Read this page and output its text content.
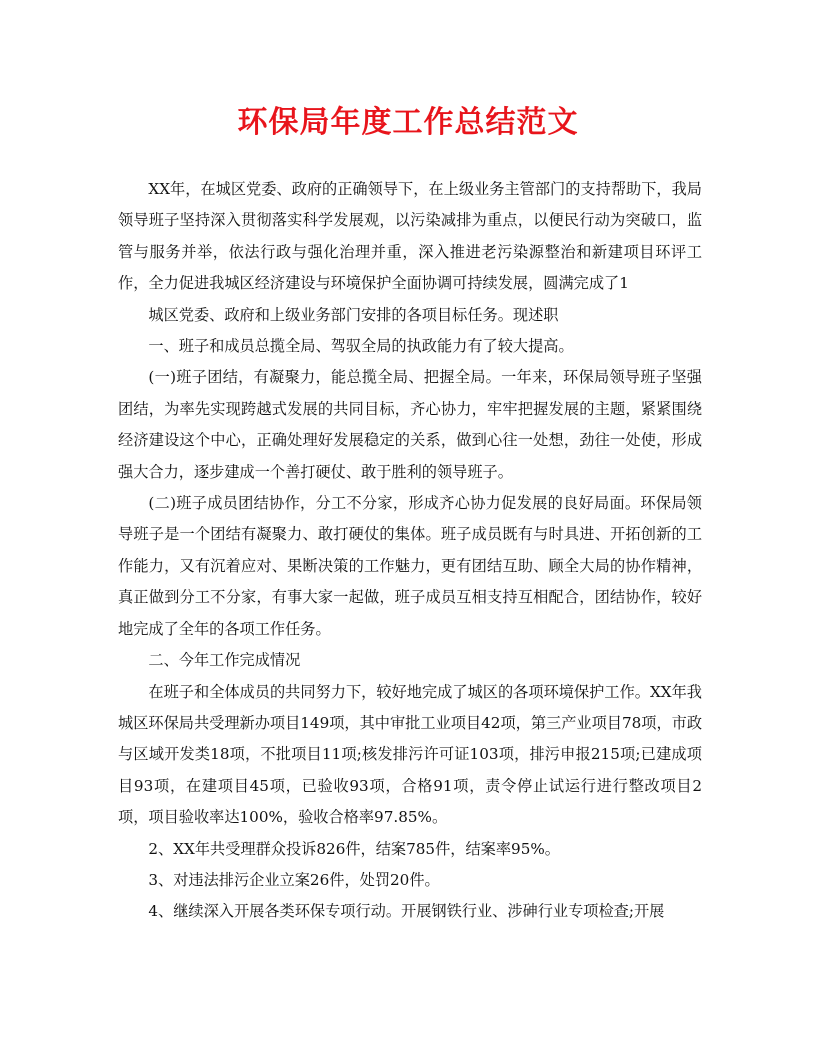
环保局年度工作总结范文

XX年，在城区党委、政府的正确领导下，在上级业务主管部门的支持帮助下，我局领导班子坚持深入贯彻落实科学发展观，以污染减排为重点，以便民行动为突破口，监管与服务并举，依法行政与强化治理并重，深入推进老污染源整治和新建项目环评工作，全力促进我城区经济建设与环境保护全面协调可持续发展，圆满完成了1

城区党委、政府和上级业务部门安排的各项目标任务。现述职

一、班子和成员总揽全局、驾驭全局的执政能力有了较大提高。

(一)班子团结，有凝聚力，能总揽全局、把握全局。一年来，环保局领导班子坚强团结，为率先实现跨越式发展的共同目标，齐心协力，牢牢把握发展的主题，紧紧围绕经济建设这个中心，正确处理好发展稳定的关系，做到心往一处想，劲往一处使，形成强大合力，逐步建成一个善打硬仗、敢于胜利的领导班子。

(二)班子成员团结协作，分工不分家，形成齐心协力促发展的良好局面。环保局领导班子是一个团结有凝聚力、敢打硬仗的集体。班子成员既有与时具进、开拓创新的工作能力，又有沉着应对、果断决策的工作魅力，更有团结互助、顾全大局的协作精神，真正做到分工不分家，有事大家一起做，班子成员互相支持互相配合，团结协作，较好地完成了全年的各项工作任务。

二、今年工作完成情况

在班子和全体成员的共同努力下，较好地完成了城区的各项环境保护工作。XX年我城区环保局共受理新办项目149项，其中审批工业项目42项，第三产业项目78项，市政与区域开发类18项，不批项目11项;核发排污许可证103项，排污申报215项;已建成项目93项，在建项目45项，已验收93项，合格91项，责令停止试运行进行整改项目2项，项目验收率达100%，验收合格率97.85%。

2、XX年共受理群众投诉826件，结案785件，结案率95%。

3、对违法排污企业立案26件，处罚20件。

4、继续深入开展各类环保专项行动。开展钢铁行业、涉砷行业专项检查;开展
